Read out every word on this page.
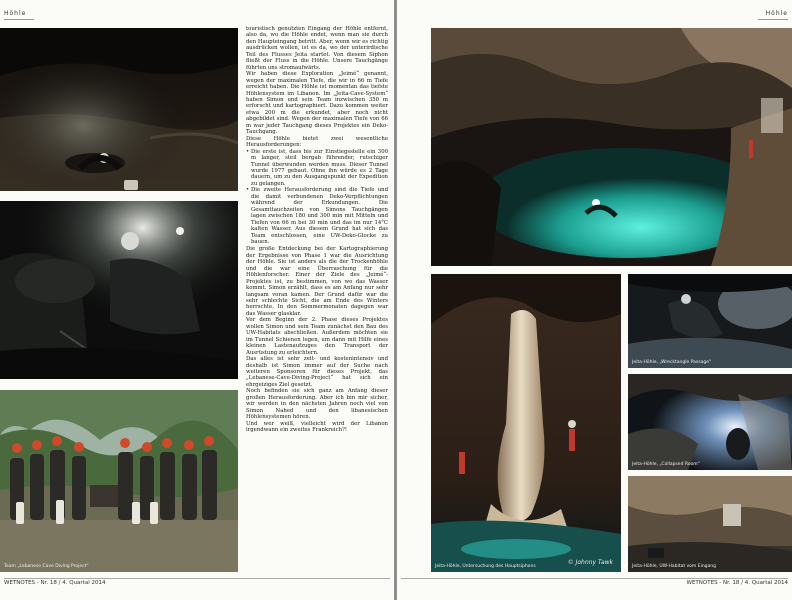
Höhle
Team „Lebanese Cave Diving Project“

touristisch genutzten Eingang der Höhle entfernt, also da, wo die Höhle endet, wenn man sie durch den Haupteingang betritt. Aber, wenn wir es richtig ausdrücken wollen, ist es da, wo der unterirdische Teil des Flusses Jeita startet. Von diesem Siphon fließt der Fluss in die Höhle. Unsere Tauchgänge führten uns stromaufwärts.

Wir haben diese Exploration „Jeimé“ genannt, wegen der maximalen Tiefe, die wir in 66 m Tiefe erreicht haben. Die Höhle ist momentan das tiefste Höhlensystem im Libanon. Im „Jeita-Cave-System“ haben Simon und sein Team inzwischen 350 m erforscht und kartographiert. Dazu kommen weiter etwa 200 m die erkundet, aber noch nicht abgebildet sind. Wegen der maximalen Tiefe von 66 m war jeder Tauchgang dieses Projektes ein Deko-Tauchgang.

Diese Höhle bietet zwei wesentliche Herausforderungen:

• Die erste ist, dass bis zur Einstiegsstelle ein 300 m langer, steil bergab führender, rutschiger Tunnel überwunden werden muss. Dieser Tunnel wurde 1977 gebaut. Ohne ihn würde es 2 Tage dauern, um zu den Ausgangspunkt der Expedition zu gelangen.
• Die zweite Herausforderung sind die Tiefe und die damit verbundenen Deko-Verpflichtungen während der Erkundungen. Die Gesamttauchzeiten von Simons Tauchgängen lagen zwischen 180 und 300 min mit Mitteln und Tiefen von 66 m bei 30 min und das im nur 14°C kalten Wasser. Aus diesem Grund hat sich das Team entschlossen, eine UW-Deko-Glocke zu bauen.

Die große Entdeckung bei der Kartographierung der Ergebnisse von Phase 1 war die Ausrichtung der Höhle. Sie ist anders als die der Trockenhöhle und die war eine Überraschung für die Höhlenforscher. Einer der Ziele des „Jeimé“-Projektes ist, zu bestimmen, von wo das Wasser kommt. Simon erzählt, dass es am Anfang nur sehr langsam voran kamen. Der Grund dafür war die sehr schlechte Sicht, die am Ende des Winters herrschte. In den Sommermonaten dagegen war das Wasser glasklar.

Vor dem Beginn der 2. Phase dieses Projektes wollen Simon und sein Team zunächst den Bau des UW-Habitats abschließen. Außerdem möchten sie im Tunnel Schienen legen, um dann mit Hilfe eines kleinen Lastenaufzuges den Transport der Ausrüstung zu erleichtern.

Das alles ist sehr zeit- und kostenintensiv und deshalb ist Simon immer auf der Suche nach weiteren Sponsoren für dieses Projekt, das „Lebanese-Cave-Diving-Project“ hat sich ein ehrgeiziges Ziel gesetzt.

Noch befinden sie sich ganz am Anfang dieser großen Herausforderung. Aber ich bin mir sicher, wir werden in den nächsten Jahren noch viel von Simon Nahed und den libanesischen Höhlensystemen hören.

Und wer weiß, vielleicht wird der Libanon irgendwann ein zweites Frankreich?!

WETNOTES - Nr. 18 / 4. Quartal 2014
Höhle
Jeita-Höhle, Untersuchung des Hauptsiphons
© Johnny Tawk
Jeita-Höhle, „Wrecktangle Passage“
Jeita-Höhle, „Collapsed Room“
Jeita-Höhle, UW-Habitat vom Eingang
WETNOTES - Nr. 18 / 4. Quartal 2014
